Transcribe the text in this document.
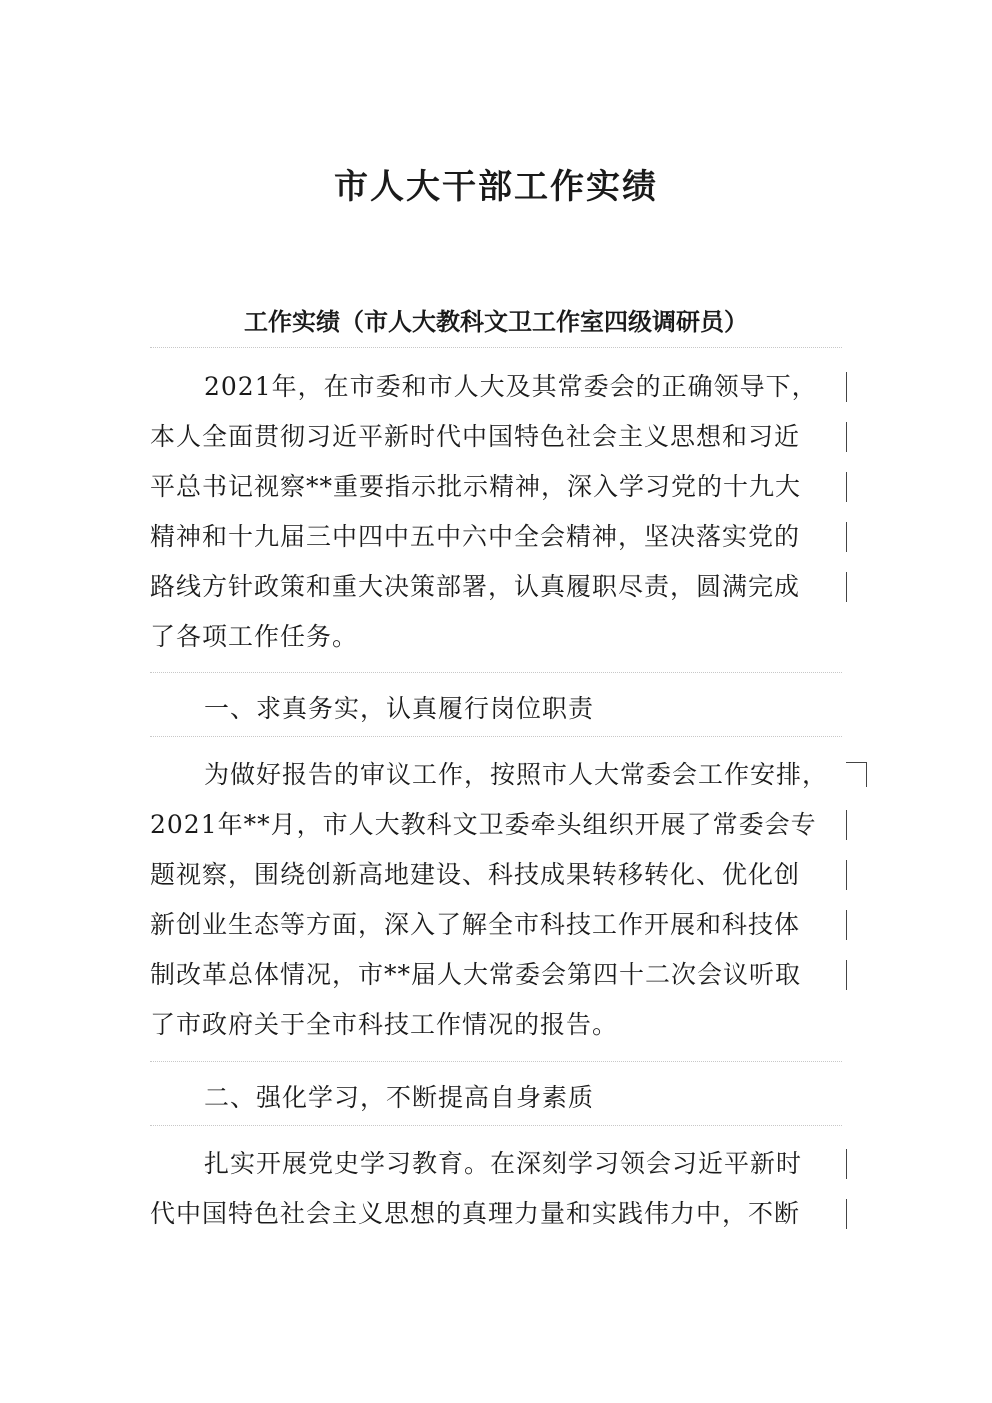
市人大干部工作实绩
工作实绩（市人大教科文卫工作室四级调研员）
2021年，在市委和市人大及其常委会的正确领导下，
本人全面贯彻习近平新时代中国特色社会主义思想和习近
平总书记视察**重要指示批示精神，深入学习党的十九大
精神和十九届三中四中五中六中全会精神，坚决落实党的
路线方针政策和重大决策部署，认真履职尽责，圆满完成
了各项工作任务。
一、求真务实，认真履行岗位职责
为做好报告的审议工作，按照市人大常委会工作安排，
2021年**月，市人大教科文卫委牵头组织开展了常委会专
题视察，围绕创新高地建设、科技成果转移转化、优化创
新创业生态等方面，深入了解全市科技工作开展和科技体
制改革总体情况，市**届人大常委会第四十二次会议听取
了市政府关于全市科技工作情况的报告。
二、强化学习，不断提高自身素质
扎实开展党史学习教育。在深刻学习领会习近平新时
代中国特色社会主义思想的真理力量和实践伟力中，不断
